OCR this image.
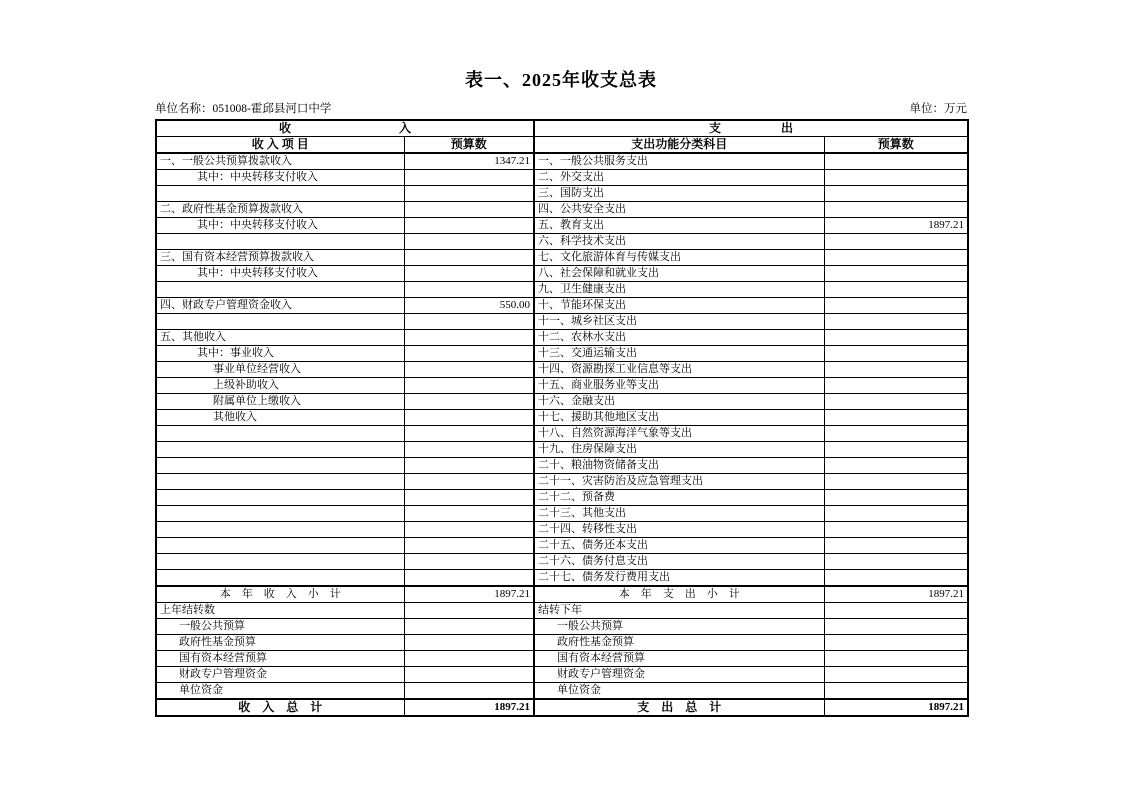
表一、2025年收支总表
单位名称：051008-霍邱县河口中学	单位：万元
收　　　　　　　　　入		支　　　　　出	
收 入 项 目	预算数	支出功能分类科目	预算数
一、一般公共预算拨款收入	1347.21	一、一般公共服务支出	
其中：中央转移支付收入		二、外交支出	
		三、国防支出	
二、政府性基金预算拨款收入		四、公共安全支出	
其中：中央转移支付收入		五、教育支出	1897.21
		六、科学技术支出	
三、国有资本经营预算拨款收入		七、文化旅游体育与传媒支出	
其中：中央转移支付收入		八、社会保障和就业支出	
		九、卫生健康支出	
四、财政专户管理资金收入	550.00	十、节能环保支出	
		十一、城乡社区支出	
五、其他收入		十二、农林水支出	
其中：事业收入		十三、交通运输支出	
事业单位经营收入		十四、资源勘探工业信息等支出	
上级补助收入		十五、商业服务业等支出	
附属单位上缴收入		十六、金融支出	
其他收入		十七、援助其他地区支出	
		十八、自然资源海洋气象等支出	
		十九、住房保障支出	
		二十、粮油物资储备支出	
		二十一、灾害防治及应急管理支出	
		二十二、预备费	
		二十三、其他支出	
		二十四、转移性支出	
		二十五、债务还本支出	
		二十六、债务付息支出	
		二十七、债务发行费用支出	
本　年　收　入　小　计	1897.21	本　年　支　出　小　计	1897.21
上年结转数		结转下年	
一般公共预算		一般公共预算	
政府性基金预算		政府性基金预算	
国有资本经营预算		国有资本经营预算	
财政专户管理资金		财政专户管理资金	
单位资金		单位资金	
收　入　总　计	1897.21	支　出　总　计	1897.21
